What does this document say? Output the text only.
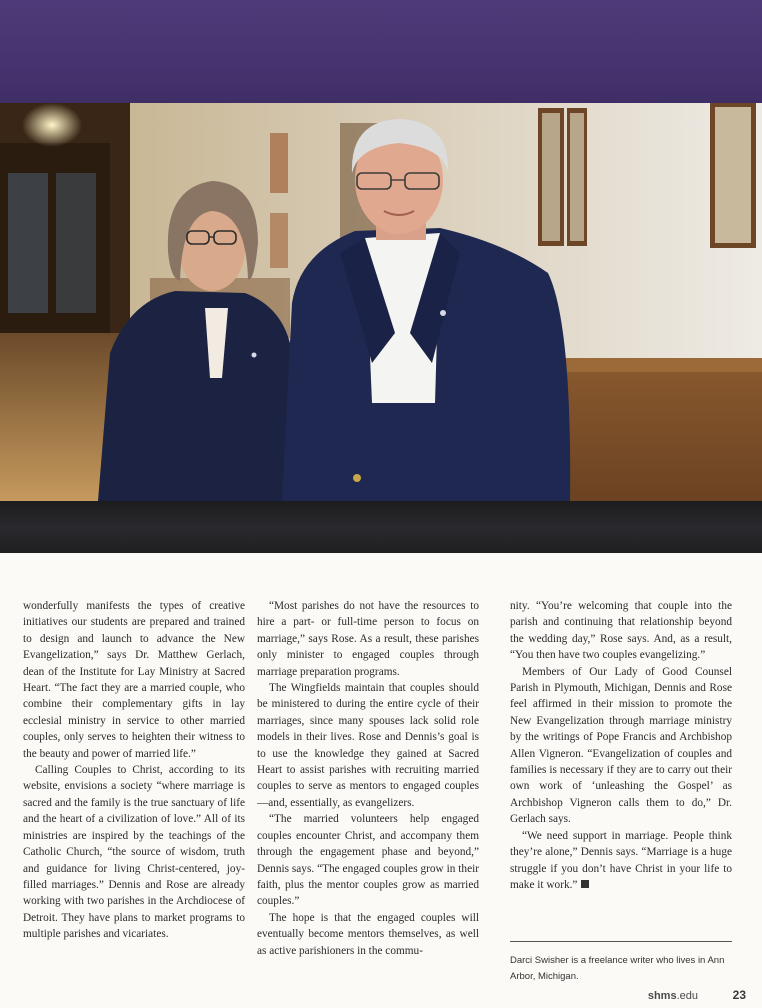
wonderfully manifests the types of creative initiatives our students are prepared and trained to design and launch to advance the New Evangelization,” says Dr. Matthew Gerlach, dean of the Institute for Lay Ministry at Sacred Heart. “The fact they are a married couple, who combine their complementary gifts in lay ecclesial ministry in service to other married couples, only serves to heighten their witness to the beauty and power of married life.”

Calling Couples to Christ, according to its website, envisions a society “where marriage is sacred and the family is the true sanctuary of life and the heart of a civilization of love.” All of its ministries are inspired by the teachings of the Catholic Church, “the source of wisdom, truth and guidance for living Christ-centered, joy-filled marriages.” Dennis and Rose are already working with two parishes in the Archdiocese of Detroit. They have plans to market programs to multiple parishes and vicariates.

“Most parishes do not have the resources to hire a part- or full-time person to focus on marriage,” says Rose. As a result, these parishes only minister to engaged couples through marriage preparation programs.

The Wingfields maintain that couples should be ministered to during the entire cycle of their marriages, since many spouses lack solid role models in their lives. Rose and Dennis’s goal is to use the knowledge they gained at Sacred Heart to assist parishes with recruiting married couples to serve as mentors to engaged couples—and, essentially, as evangelizers.

“The married volunteers help engaged couples encounter Christ, and accompany them through the engagement phase and beyond,” Dennis says. “The engaged couples grow in their faith, plus the mentor couples grow as married couples.”

The hope is that the engaged couples will eventually become mentors themselves, as well as active parishioners in the commu-

nity. “You’re welcoming that couple into the parish and continuing that relationship beyond the wedding day,” Rose says. And, as a result, “You then have two couples evangelizing.”

Members of Our Lady of Good Counsel Parish in Plymouth, Michigan, Dennis and Rose feel affirmed in their mission to promote the New Evangelization through marriage ministry by the writings of Pope Francis and Archbishop Allen Vigneron. “Evangelization of couples and families is necessary if they are to carry out their own work of ‘unleashing the Gospel’ as Archbishop Vigneron calls them to do,” Dr. Gerlach says.

“We need support in marriage. People think they’re alone,” Dennis says. “Marriage is a huge struggle if you don’t have Christ in your life to make it work.”

Darci Swisher is a freelance writer who lives in Ann Arbor, Michigan.
shms.edu	23
